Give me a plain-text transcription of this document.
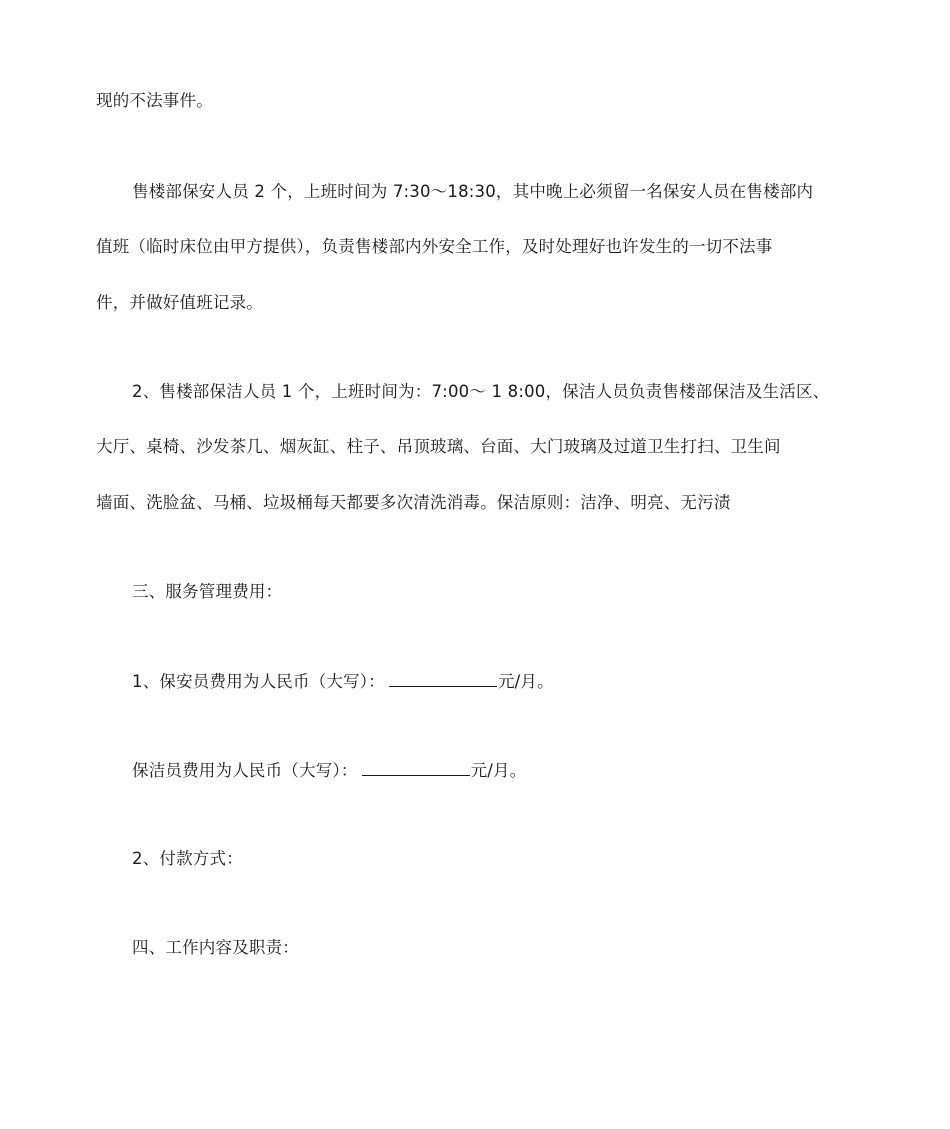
现的不法事件。
售楼部保安人员 2 个，上班时间为 7:30～18:30，其中晚上必须留一名保安人员在售楼部内
值班（临时床位由甲方提供），负责售楼部内外安全工作，及时处理好也许发生的一切不法事
件，并做好值班记录。
2、售楼部保洁人员 1 个，上班时间为：7:00～ 1 8:00，保洁人员负责售楼部保洁及生活区、
大厅、桌椅、沙发茶几、烟灰缸、柱子、吊顶玻璃、台面、大门玻璃及过道卫生打扫、卫生间
墙面、洗脸盆、马桶、垃圾桶每天都要多次清洗消毒。保洁原则：洁净、明亮、无污渍
三、服务管理费用：
1、保安员费用为人民币（大写）：	元/月。
保洁员费用为人民币（大写）：	元/月。
2、付款方式：
四、工作内容及职责：
